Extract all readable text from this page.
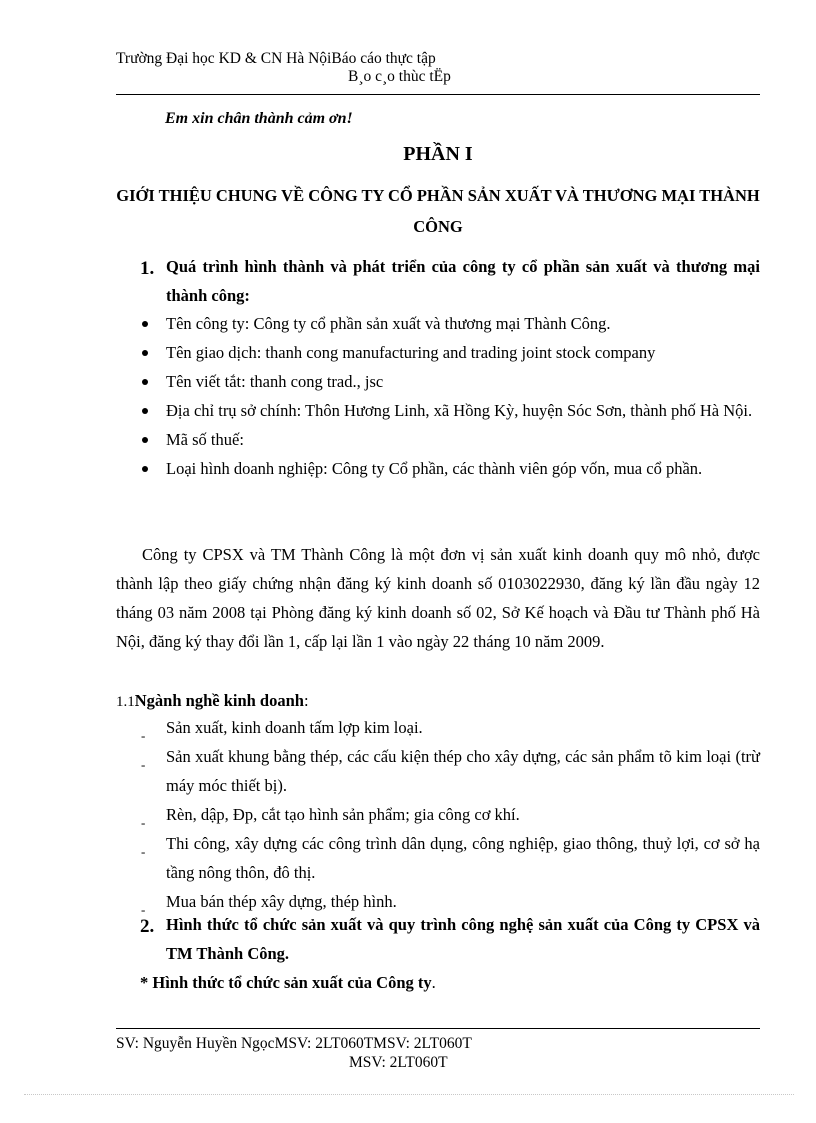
Trường Đại học KD & CN Hà NộiBáo cáo thực tập
B¸o c¸o thùc tËp
Em xin chân thành cảm ơn!
PHẦN I
GIỚI THIỆU CHUNG VỀ CÔNG TY CỔ PHẦN SẢN XUẤT VÀ THƯƠNG MẠI THÀNH CÔNG
1. Quá trình hình thành và phát triển của công ty cổ phần sản xuất và thương mại thành công:
Tên công ty: Công ty cổ phần sản xuất và thương mại Thành Công.
Tên giao dịch: thanh cong manufacturing and trading joint stock company
Tên viết tắt: thanh cong trad., jsc
Địa chỉ trụ sở chính: Thôn Hương Linh, xã Hồng Kỳ, huyện Sóc Sơn, thành phố Hà Nội.
Mã số thuế:
Loại hình doanh nghiệp: Công ty Cổ phần, các thành viên góp vốn, mua cổ phần.
Công ty CPSX và TM Thành Công là một đơn vị sản xuất kinh doanh quy mô nhỏ, được thành lập theo giấy chứng nhận đăng ký kinh doanh số 0103022930, đăng ký lần đầu ngày 12 tháng 03 năm 2008 tại Phòng đăng ký kinh doanh số 02, Sở Kế hoạch và Đầu tư Thành phố Hà Nội, đăng ký thay đổi lần 1, cấp lại lần 1 vào ngày 22 tháng 10 năm 2009.
1.1Ngành nghề kinh doanh:
- Sản xuất, kinh doanh tấm lợp kim loại.
- Sản xuất khung bằng thép, các cấu kiện thép cho xây dựng, các sản phẩm tõ kim loại (trừ máy móc thiết bị).
- Rèn, dập, Ðp, cắt tạo hình sản phẩm; gia công cơ khí.
- Thi công, xây dựng các công trình dân dụng, công nghiệp, giao thông, thuỷ lợi, cơ sở hạ tầng nông thôn, đô thị.
- Mua bán thép xây dựng, thép hình.
2. Hình thức tổ chức sản xuất và quy trình công nghệ sản xuất của Công ty CPSX và TM Thành Công.
* Hình thức tổ chức sản xuất của Công ty.
SV: Nguyễn Huyền NgọcMSV: 2LT060TMSV: 2LT060T
MSV: 2LT060T
